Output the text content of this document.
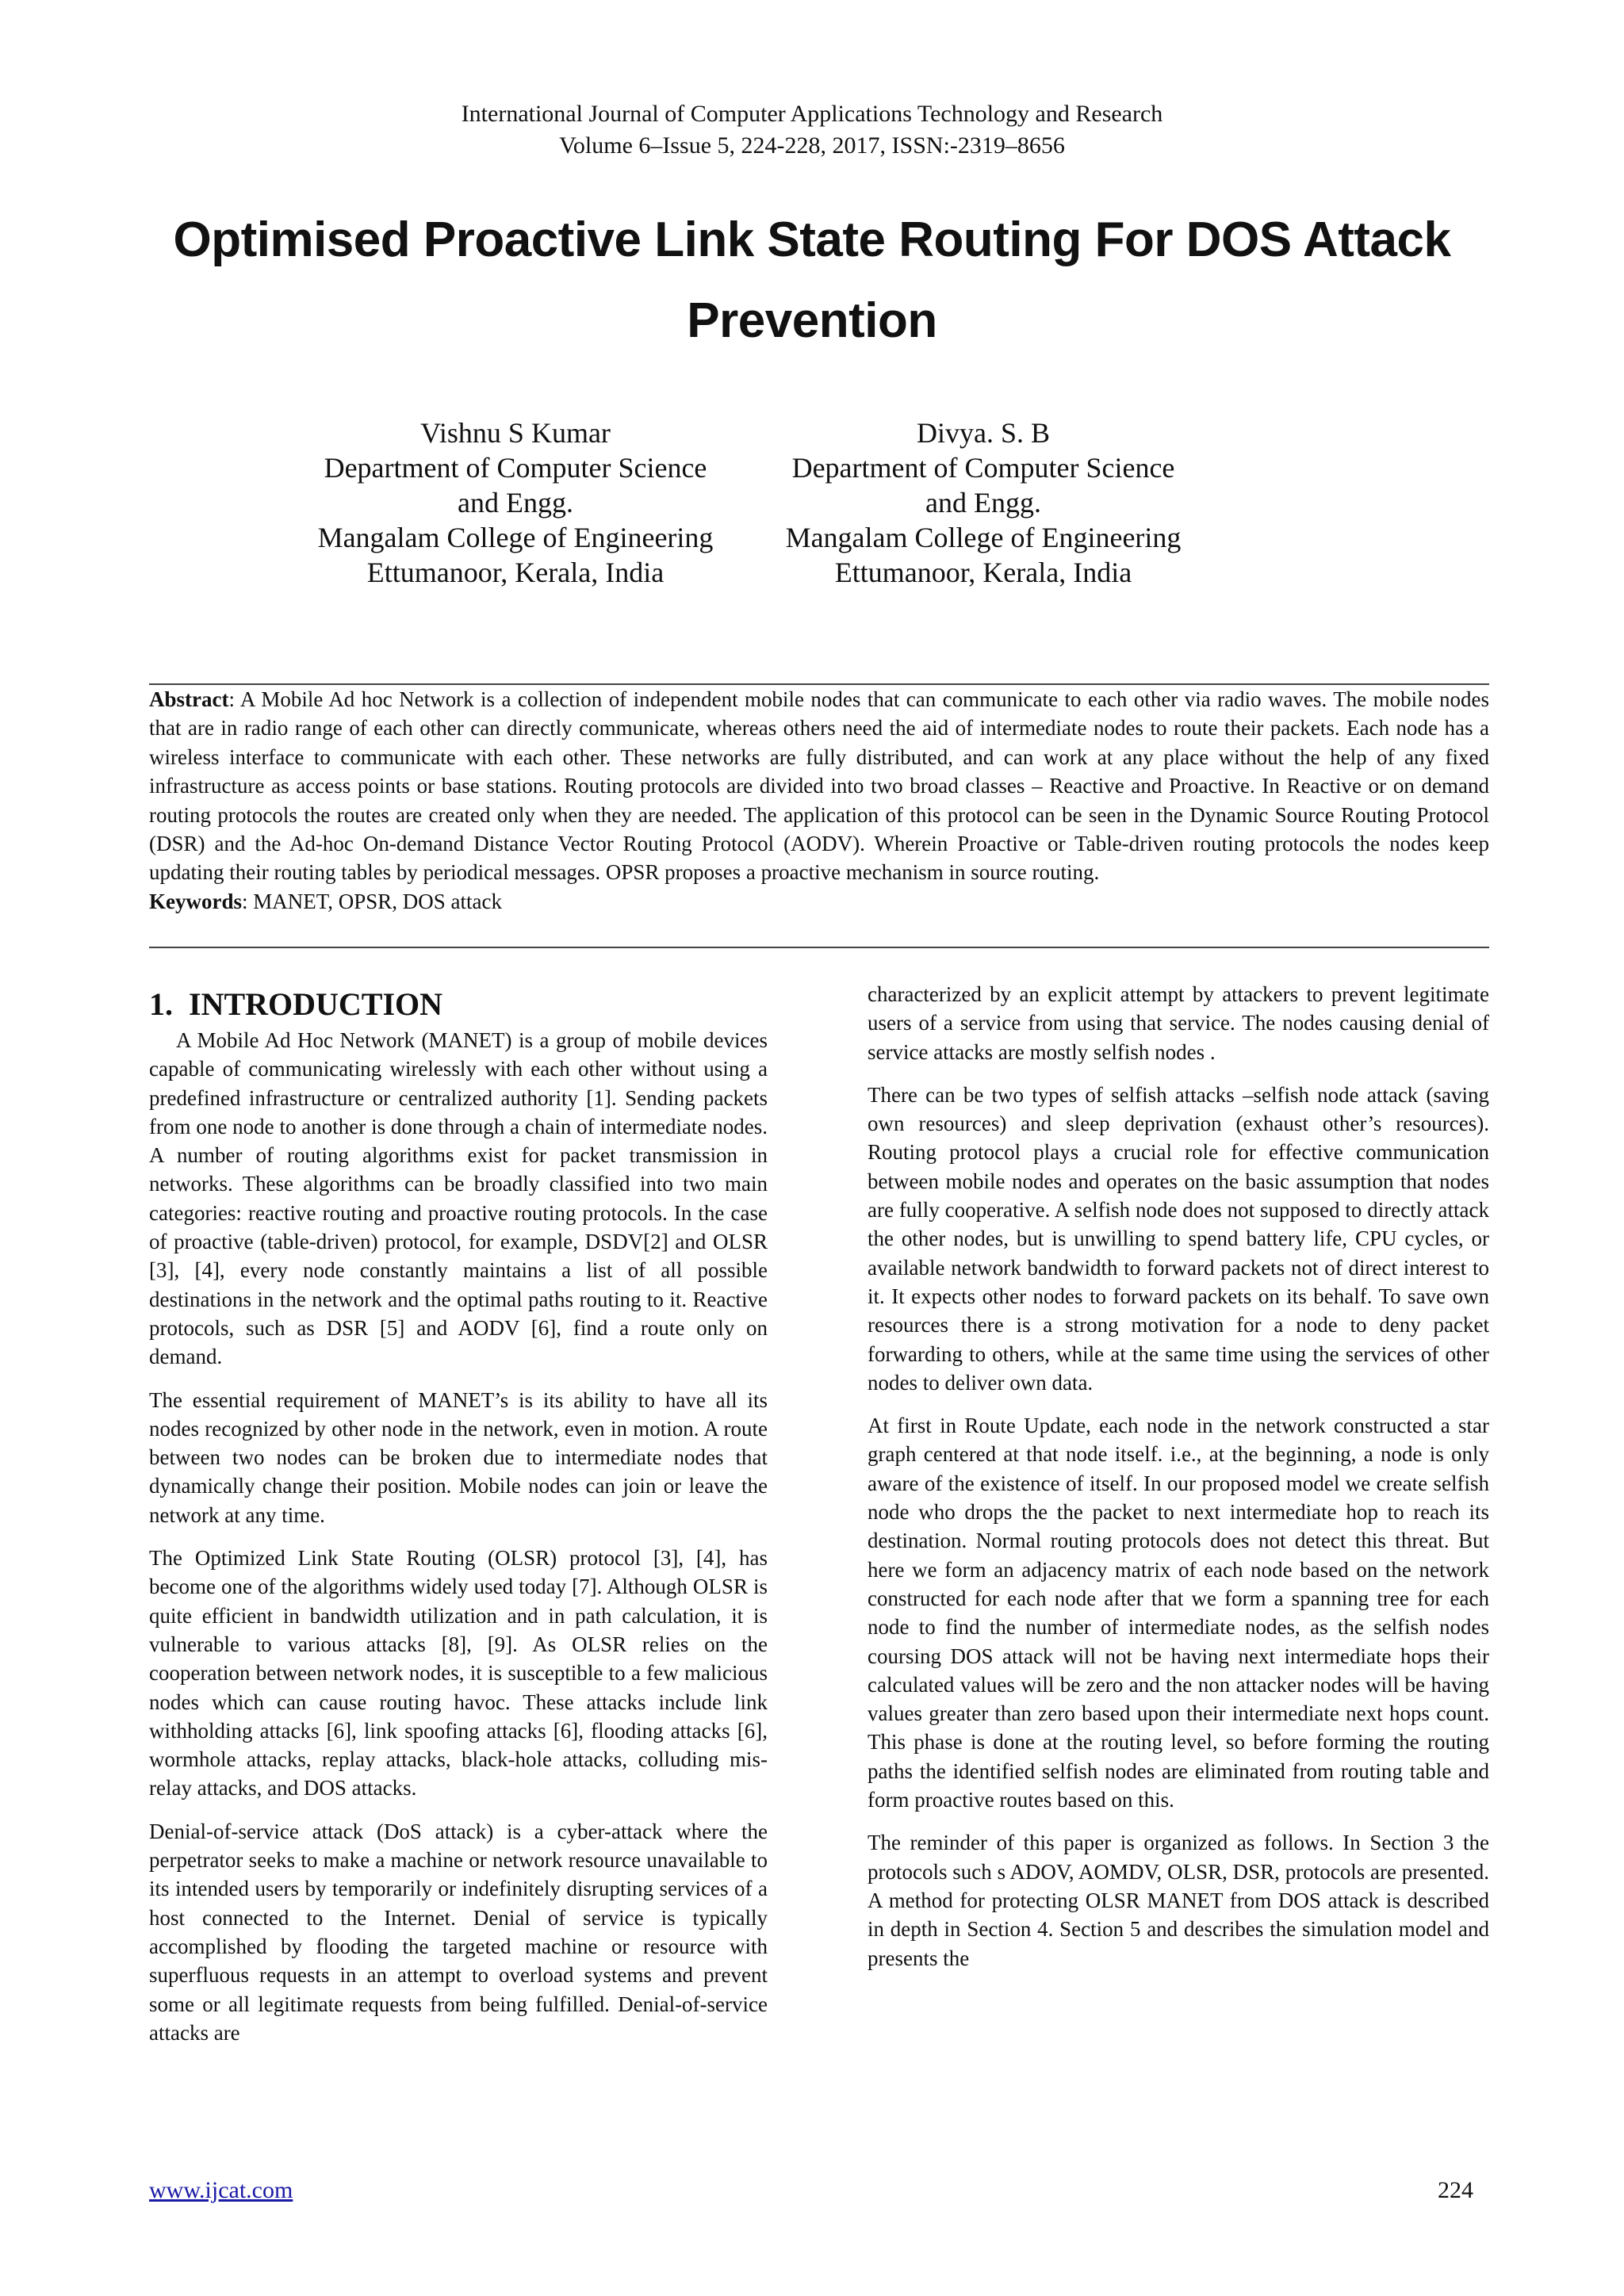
International Journal of Computer Applications Technology and Research
Volume 6–Issue 5, 224-228, 2017, ISSN:-2319–8656
Optimised Proactive Link State Routing For DOS Attack Prevention
Vishnu S Kumar
Department of Computer Science
and Engg.
Mangalam College of Engineering
Ettumanoor, Kerala, India
Divya. S. B
Department of Computer Science
and Engg.
Mangalam College of Engineering
Ettumanoor, Kerala, India
Abstract: A Mobile Ad hoc Network is a collection of independent mobile nodes that can communicate to each other via radio waves. The mobile nodes that are in radio range of each other can directly communicate, whereas others need the aid of intermediate nodes to route their packets. Each node has a wireless interface to communicate with each other. These networks are fully distributed, and can work at any place without the help of any fixed infrastructure as access points or base stations. Routing protocols are divided into two broad classes – Reactive and Proactive. In Reactive or on demand routing protocols the routes are created only when they are needed. The application of this protocol can be seen in the Dynamic Source Routing Protocol (DSR) and the Ad-hoc On-demand Distance Vector Routing Protocol (AODV). Wherein Proactive or Table-driven routing protocols the nodes keep updating their routing tables by periodical messages. OPSR proposes a proactive mechanism in source routing.
Keywords: MANET, OPSR, DOS attack
1. INTRODUCTION

A Mobile Ad Hoc Network (MANET) is a group of mobile devices capable of communicating wirelessly with each other without using a predefined infrastructure or centralized authority [1]. Sending packets from one node to another is done through a chain of intermediate nodes. A number of routing algorithms exist for packet transmission in networks. These algorithms can be broadly classified into two main categories: reactive routing and proactive routing protocols. In the case of proactive (table-driven) protocol, for example, DSDV[2] and OLSR [3], [4], every node constantly maintains a list of all possible destinations in the network and the optimal paths routing to it. Reactive protocols, such as DSR [5] and AODV [6], find a route only on demand.

The essential requirement of MANET’s is its ability to have all its nodes recognized by other node in the network, even in motion. A route between two nodes can be broken due to intermediate nodes that dynamically change their position. Mobile nodes can join or leave the network at any time.

The Optimized Link State Routing (OLSR) protocol [3], [4], has become one of the algorithms widely used today [7]. Although OLSR is quite efficient in bandwidth utilization and in path calculation, it is vulnerable to various attacks [8], [9]. As OLSR relies on the cooperation between network nodes, it is susceptible to a few malicious nodes which can cause routing havoc. These attacks include link withholding attacks [6], link spoofing attacks [6], flooding attacks [6], wormhole attacks, replay attacks, black-hole attacks, colluding mis-relay attacks, and DOS attacks.

Denial-of-service attack (DoS attack) is a cyber-attack where the perpetrator seeks to make a machine or network resource unavailable to its intended users by temporarily or indefinitely disrupting services of a host connected to the Internet. Denial of service is typically accomplished by flooding the targeted machine or resource with superfluous requests in an attempt to overload systems and prevent some or all legitimate requests from being fulfilled. Denial-of-service attacks are

characterized by an explicit attempt by attackers to prevent legitimate users of a service from using that service. The nodes causing denial of service attacks are mostly selfish nodes .

There can be two types of selfish attacks –selfish node attack (saving own resources) and sleep deprivation (exhaust other’s resources). Routing protocol plays a crucial role for effective communication between mobile nodes and operates on the basic assumption that nodes are fully cooperative. A selfish node does not supposed to directly attack the other nodes, but is unwilling to spend battery life, CPU cycles, or available network bandwidth to forward packets not of direct interest to it. It expects other nodes to forward packets on its behalf. To save own resources there is a strong motivation for a node to deny packet forwarding to others, while at the same time using the services of other nodes to deliver own data.

At first in Route Update, each node in the network constructed a star graph centered at that node itself. i.e., at the beginning, a node is only aware of the existence of itself. In our proposed model we create selfish node who drops the the packet to next intermediate hop to reach its destination. Normal routing protocols does not detect this threat. But here we form an adjacency matrix of each node based on the network constructed for each node after that we form a spanning tree for each node to find the number of intermediate nodes, as the selfish nodes coursing DOS attack will not be having next intermediate hops their calculated values will be zero and the non attacker nodes will be having values greater than zero based upon their intermediate next hops count. This phase is done at the routing level, so before forming the routing paths the identified selfish nodes are eliminated from routing table and form proactive routes based on this.

The reminder of this paper is organized as follows. In Section 3 the protocols such s ADOV, AOMDV, OLSR, DSR, protocols are presented. A method for protecting OLSR MANET from DOS attack is described in depth in Section 4. Section 5 and describes the simulation model and presents the

www.ijcat.com	224
